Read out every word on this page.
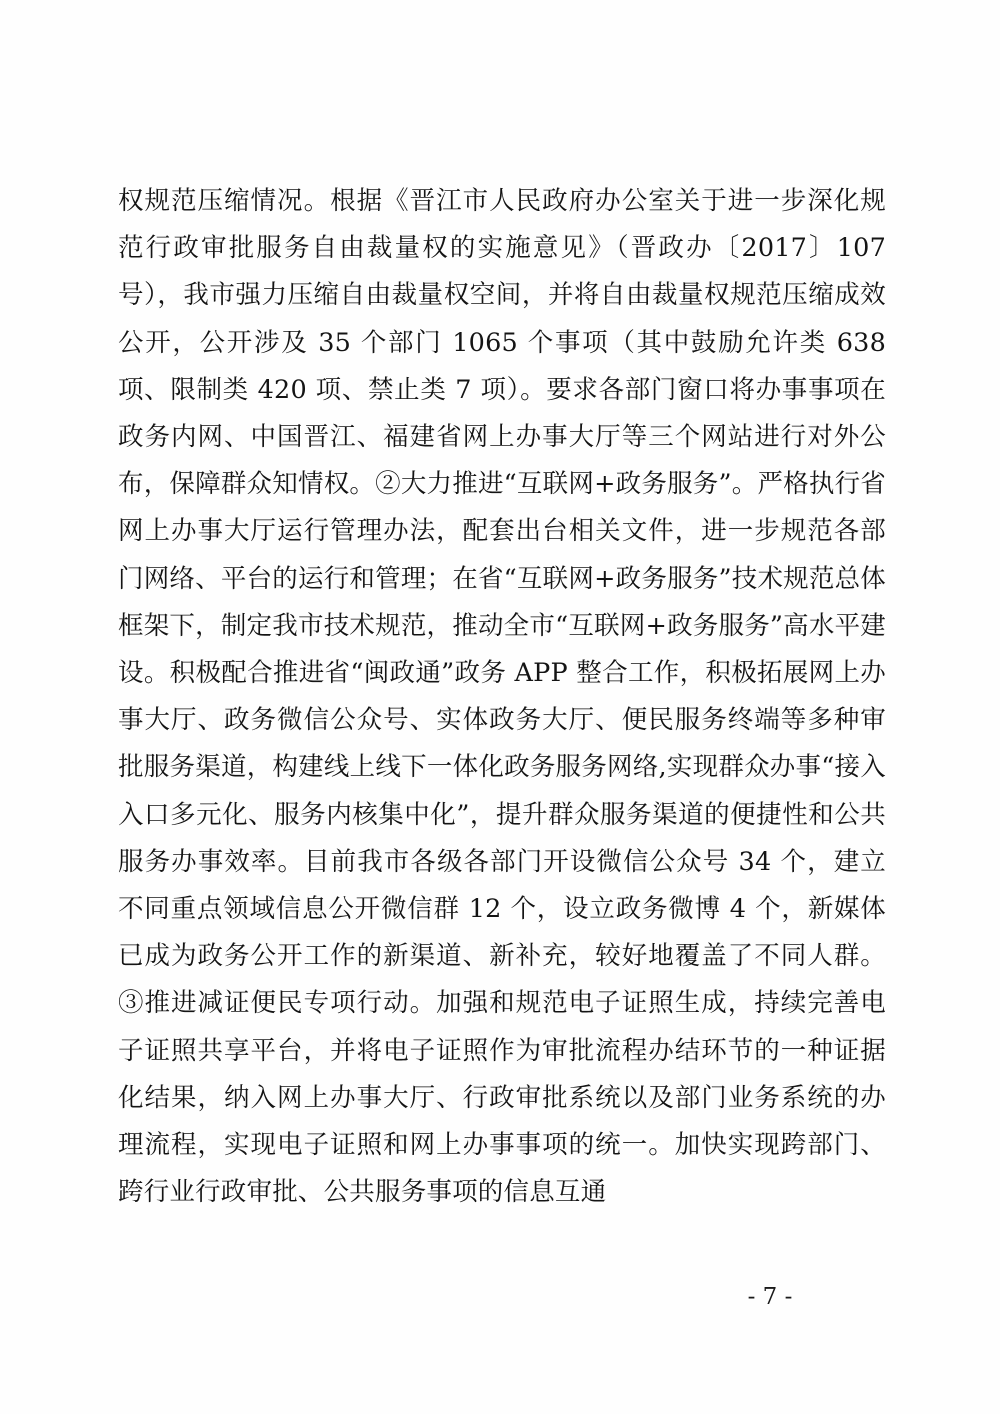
权规范压缩情况。根据《晋江市人民政府办公室关于进一步深化规范行政审批服务自由裁量权的实施意见》（晋政办〔2017〕107 号），我市强力压缩自由裁量权空间，并将自由裁量权规范压缩成效公开，公开涉及 35 个部门 1065 个事项（其中鼓励允许类 638 项、限制类 420 项、禁止类 7 项）。要求各部门窗口将办事事项在政务内网、中国晋江、福建省网上办事大厅等三个网站进行对外公布，保障群众知情权。②大力推进“互联网+政务服务”。严格执行省网上办事大厅运行管理办法，配套出台相关文件，进一步规范各部门网络、平台的运行和管理；在省“互联网+政务服务”技术规范总体框架下，制定我市技术规范，推动全市“互联网+政务服务”高水平建设。积极配合推进省“闽政通”政务 APP 整合工作，积极拓展网上办事大厅、政务微信公众号、实体政务大厅、便民服务终端等多种审批服务渠道，构建线上线下一体化政务服务网络,实现群众办事“接入入口多元化、服务内核集中化”，提升群众服务渠道的便捷性和公共服务办事效率。目前我市各级各部门开设微信公众号 34 个，建立不同重点领域信息公开微信群 12 个，设立政务微博 4 个，新媒体已成为政务公开工作的新渠道、新补充，较好地覆盖了不同人群。③推进减证便民专项行动。加强和规范电子证照生成，持续完善电子证照共享平台，并将电子证照作为审批流程办结环节的一种证据化结果，纳入网上办事大厅、行政审批系统以及部门业务系统的办理流程，实现电子证照和网上办事事项的统一。加快实现跨部门、跨行业行政审批、公共服务事项的信息互通

- 7 -
